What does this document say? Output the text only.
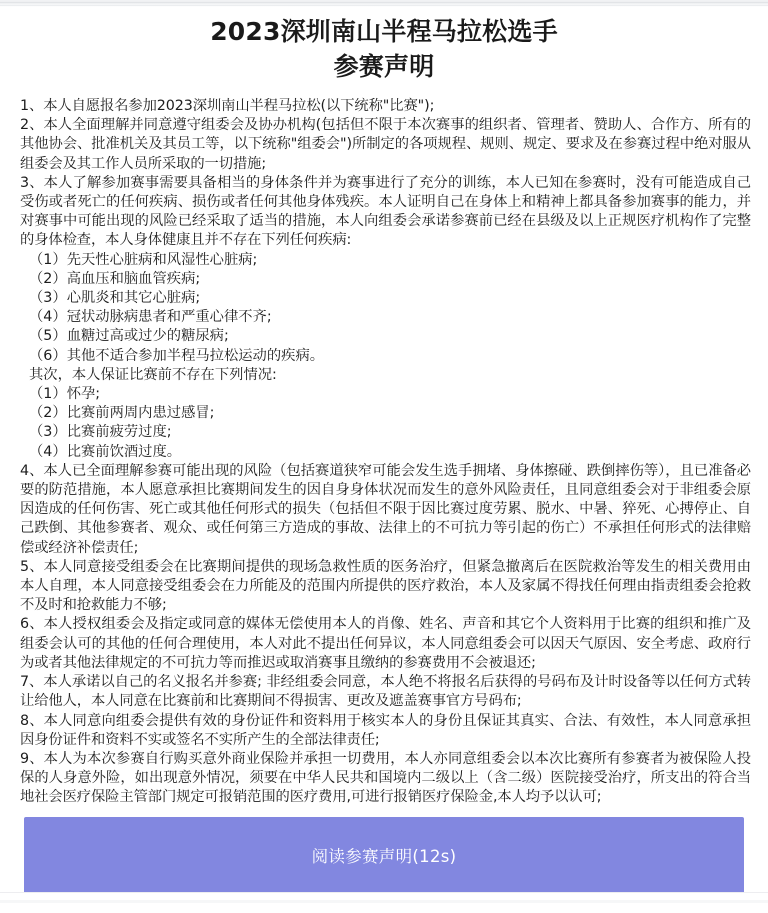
2023深圳南山半程马拉松选手
参赛声明

1、本人自愿报名参加2023深圳南山半程马拉松(以下统称"比赛");

2、本人全面理解并同意遵守组委会及协办机构(包括但不限于本次赛事的组织者、管理者、赞助人、合作方、所有的其他协会、批准机关及其员工等，以下统称"组委会")所制定的各项规程、规则、规定、要求及在参赛过程中绝对服从组委会及其工作人员所采取的一切措施;

3、本人了解参加赛事需要具备相当的身体条件并为赛事进行了充分的训练，本人已知在参赛时，没有可能造成自己受伤或者死亡的任何疾病、损伤或者任何其他身体残疾。本人证明自己在身体上和精神上都具备参加赛事的能力，并对赛事中可能出现的风险已经采取了适当的措施，本人向组委会承诺参赛前已经在县级及以上正规医疗机构作了完整的身体检查，本人身体健康且并不存在下列任何疾病:

（1）先天性心脏病和风湿性心脏病;

（2）高血压和脑血管疾病;

（3）心肌炎和其它心脏病;

（4）冠状动脉病患者和严重心律不齐;

（5）血糖过高或过少的糖尿病;

（6）其他不适合参加半程马拉松运动的疾病。

其次，本人保证比赛前不存在下列情况:

（1）怀孕;

（2）比赛前两周内患过感冒;

（3）比赛前疲劳过度;

（4）比赛前饮酒过度。

4、本人已全面理解参赛可能出现的风险（包括赛道狭窄可能会发生选手拥堵、身体擦碰、跌倒摔伤等），且已准备必要的防范措施，本人愿意承担比赛期间发生的因自身身体状况而发生的意外风险责任，且同意组委会对于非组委会原因造成的任何伤害、死亡或其他任何形式的损失（包括但不限于因比赛过度劳累、脱水、中暑、猝死、心搏停止、自己跌倒、其他参赛者、观众、或任何第三方造成的事故、法律上的不可抗力等引起的伤亡）不承担任何形式的法律赔偿或经济补偿责任;

5、本人同意接受组委会在比赛期间提供的现场急救性质的医务治疗，但紧急撤离后在医院救治等发生的相关费用由本人自理，本人同意接受组委会在力所能及的范围内所提供的医疗救治，本人及家属不得找任何理由指责组委会抢救不及时和抢救能力不够;

6、本人授权组委会及指定或同意的媒体无偿使用本人的肖像、姓名、声音和其它个人资料用于比赛的组织和推广及组委会认可的其他的任何合理使用，本人对此不提出任何异议，本人同意组委会可以因天气原因、安全考虑、政府行为或者其他法律规定的不可抗力等而推迟或取消赛事且缴纳的参赛费用不会被退还;

7、本人承诺以自己的名义报名并参赛; 非经组委会同意，本人绝不将报名后获得的号码布及计时设备等以任何方式转让给他人，本人同意在比赛前和比赛期间不得损害、更改及遮盖赛事官方号码布;

8、本人同意向组委会提供有效的身份证件和资料用于核实本人的身份且保证其真实、合法、有效性，本人同意承担因身份证件和资料不实或签名不实所产生的全部法律责任;

9、本人为本次参赛自行购买意外商业保险并承担一切费用，本人亦同意组委会以本次比赛所有参赛者为被保险人投保的人身意外险，如出现意外情况，须要在中华人民共和国境内二级以上（含二级）医院接受治疗，所支出的符合当地社会医疗保险主管部门规定可报销范围的医疗费用,可进行报销医疗保险金,本人均予以认可;

阅读参赛声明(12s)
